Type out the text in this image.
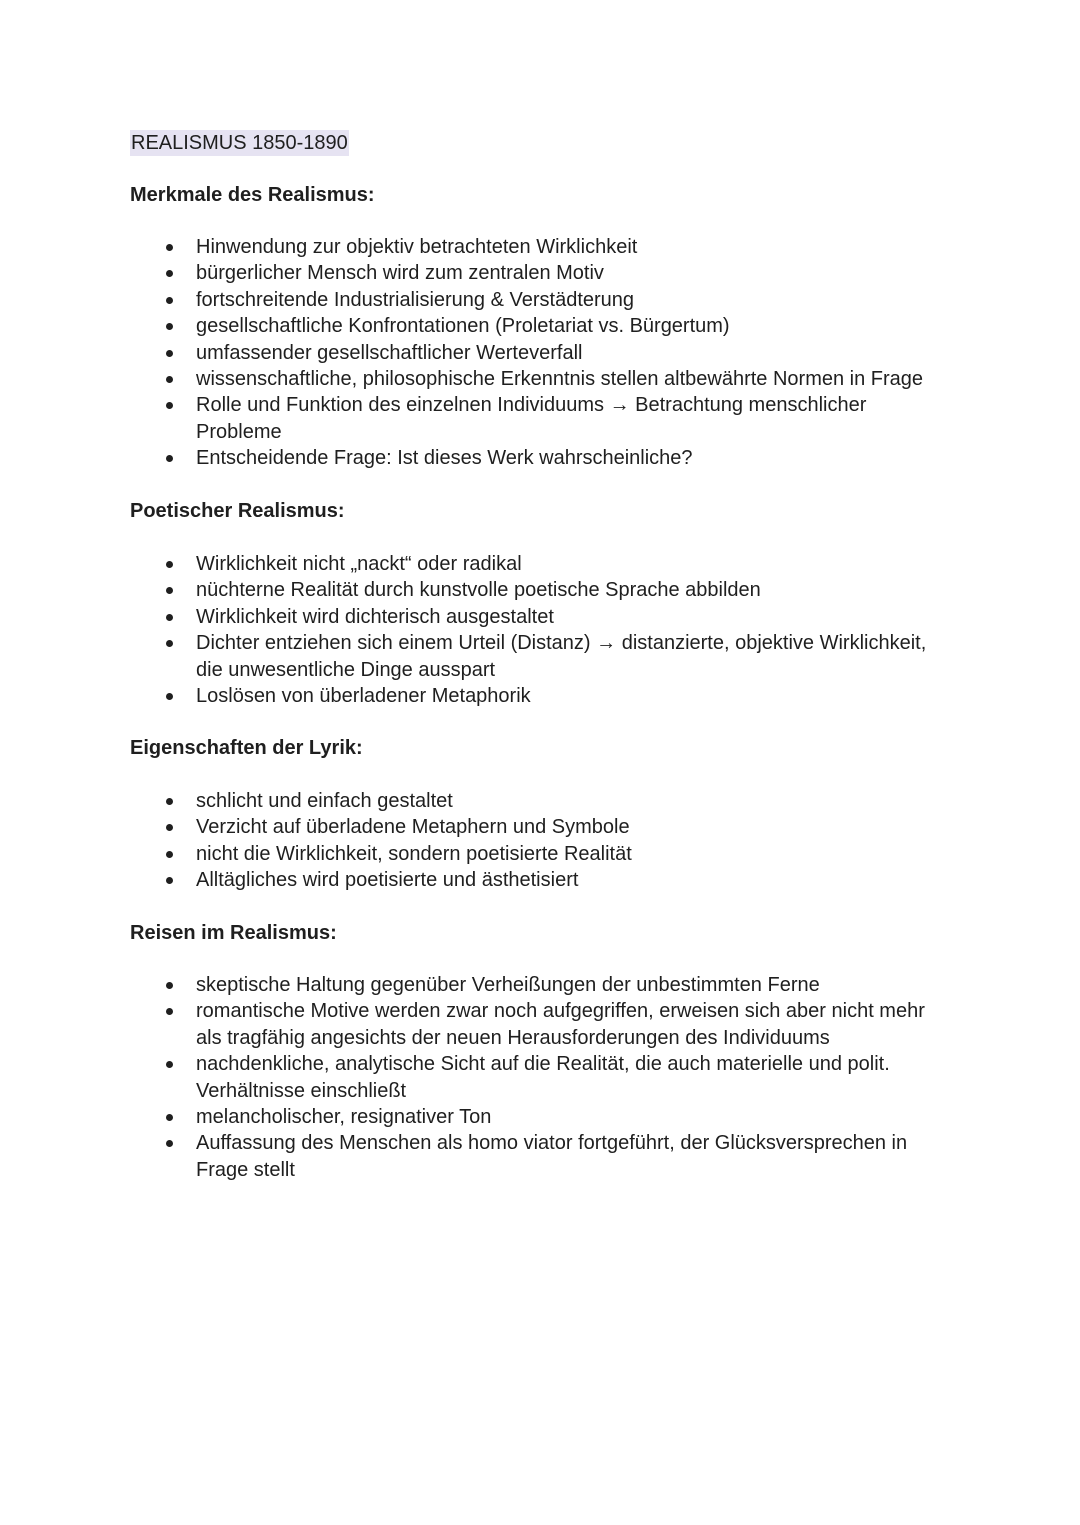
REALISMUS 1850-1890
Merkmale des Realismus:
Hinwendung zur objektiv betrachteten Wirklichkeit
bürgerlicher Mensch wird zum zentralen Motiv
fortschreitende Industrialisierung & Verstädterung
gesellschaftliche Konfrontationen (Proletariat vs. Bürgertum)
umfassender gesellschaftlicher Werteverfall
wissenschaftliche, philosophische Erkenntnis stellen altbewährte Normen in Frage
Rolle und Funktion des einzelnen Individuums → Betrachtung menschlicher Probleme
Entscheidende Frage: Ist dieses Werk wahrscheinliche?
Poetischer Realismus:
Wirklichkeit nicht „nackt“ oder radikal
nüchterne Realität durch kunstvolle poetische Sprache abbilden
Wirklichkeit wird dichterisch ausgestaltet
Dichter entziehen sich einem Urteil (Distanz) → distanzierte, objektive Wirklichkeit, die unwesentliche Dinge ausspart
Loslösen von überladener Metaphorik
Eigenschaften der Lyrik:
schlicht und einfach gestaltet
Verzicht auf überladene Metaphern und Symbole
nicht die Wirklichkeit, sondern poetisierte Realität
Alltägliches wird poetisierte und ästhetisiert
Reisen im Realismus:
skeptische Haltung gegenüber Verheißungen der unbestimmten Ferne
romantische Motive werden zwar noch aufgegriffen, erweisen sich aber nicht mehr als tragfähig angesichts der neuen Herausforderungen des Individuums
nachdenkliche, analytische Sicht auf die Realität, die auch materielle und polit. Verhältnisse einschließt
melancholischer, resignativer Ton
Auffassung des Menschen als homo viator fortgeführt, der Glücksversprechen in Frage stellt
